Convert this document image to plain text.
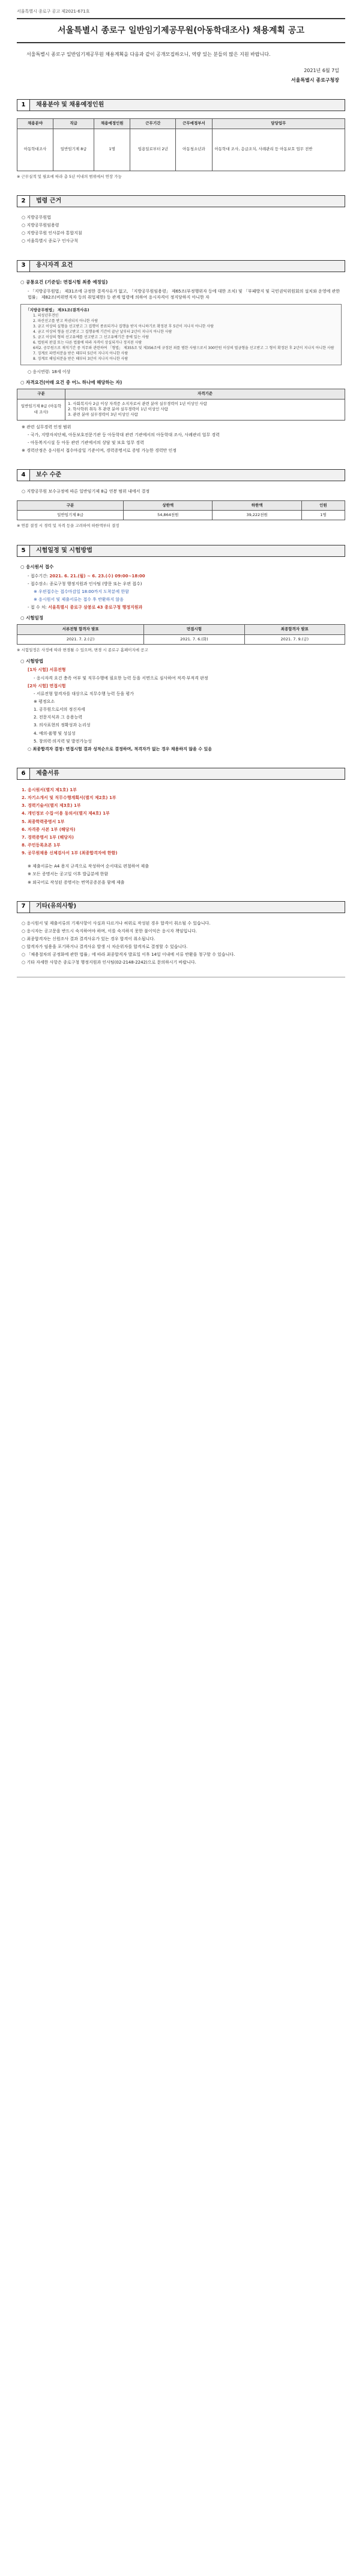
서울특별시 종로구 공고 제2021-671호
서울특별시 종로구 일반임기제공무원(아동학대조사) 채용계획 공고
서울특별시 종로구 일반임기제공무원 채용계획을 다음과 같이 공개모집하오니, 역량 있는 분들의 많은 지원 바랍니다.
2021년 6월 7일
서울특별시 종로구청장
1	채용분야 및 채용예정인원
채용분야	직급	채용예정인원	근무기간	근무예정부서	담당업무
아동학대조사	일반임기제 8급	1명	임용일로부터 2년	아동청소년과	아동학대 조사, 응급조치, 사례관리 등 아동보호 업무 전반
※ 근무실적 및 필요에 따라 총 5년 이내의 범위에서 연장 가능
2	법령 근거
○ 지방공무원법
○ 지방공무원임용령
○ 지방공무원 인사분야 통합지침
○ 서울특별시 종로구 인사규칙
3	응시자격 요건
○ 공통요건 (기준일: 면접시험 최종 예정일)
- 「지방공무원법」 제31조에 규정한 결격사유가 없고, 「지방공무원임용령」 제65조(부정행위자 등에 대한 조치) 및 「부패방지 및 국민권익위원회의 설치와 운영에 관한 법률」 제82조(비위면직자 등의 취업제한) 등 관계 법령에 의하여 응시자격이 정지당하지 아니한 자
「지방공무원법」 제31조(결격사유)
1. 피성년후견인
2. 파산선고를 받고 복권되지 아니한 사람
3. 금고 이상의 실형을 선고받고 그 집행이 종료되거나 집행을 받지 아니하기로 확정된 후 5년이 지나지 아니한 사람
4. 금고 이상의 형을 선고받고 그 집행유예 기간이 끝난 날부터 2년이 지나지 아니한 사람
5. 금고 이상의 형의 선고유예를 선고받고 그 선고유예기간 중에 있는 사람
6. 법원의 판결 또는 다른 법률에 따라 자격이 상실되거나 정지된 사람
6의2. 공무원으로 재직기간 중 직무와 관련하여 「형법」 제355조 및 제356조에 규정된 죄를 범한 사람으로서 300만원 이상의 벌금형을 선고받고 그 형이 확정된 후 2년이 지나지 아니한 사람
7. 징계로 파면처분을 받은 때부터 5년이 지나지 아니한 사람
8. 징계로 해임처분을 받은 때부터 3년이 지나지 아니한 사람
○ 응시연령: 18세 이상
○ 자격요건(아래 요건 중 어느 하나에 해당하는 자)
구분	자격기준
일반임기제 8급 (아동학대 조사)	1. 사회복지사 2급 이상 자격증 소지자로서 관련 분야 실무경력이 1년 이상인 사람
2. 학사학위 취득 후 관련 분야 실무경력이 1년 이상인 사람
3. 관련 분야 실무경력이 3년 이상인 사람
※ 관련 실무경력 인정 범위
- 국가, 지방자치단체, 아동보호전문기관 등 아동학대 관련 기관에서의 아동학대 조사, 사례관리 업무 경력
- 아동복지시설 등 아동 관련 기관에서의 상담 및 보호 업무 경력
※ 경력산정은 응시원서 접수마감일 기준이며, 경력증명서로 증빙 가능한 경력만 인정
4	보수 수준
○ 지방공무원 보수규정에 따른 일반임기제 8급 연봉 범위 내에서 결정
구분	상한액	하한액	인원
일반임기제 8급	54,864천원	39,222천원	1명
※ 연봉 결정 시 경력 및 자격 등을 고려하여 하한액부터 결정
5	시험일정 및 시험방법
○ 응시원서 접수
- 접수기간: 2021. 6. 21.(월) ~ 6. 23.(수) 09:00~18:00
- 접수장소: 종로구청 행정지원과 인사팀 (방문 또는 우편 접수)
※ 우편접수는 접수마감일 18:00까지 도착분에 한함
※ 응시원서 및 제출서류는 접수 후 반환하지 않음
- 접 수 처: 서울특별시 종로구 삼봉로 43 종로구청 행정지원과
○ 시험일정
서류전형 합격자 발표	면접시험	최종합격자 발표
2021. 7. 2.(금)	2021. 7. 6.(화)	2021. 7. 9.(금)
※ 시험일정은 사정에 따라 변경될 수 있으며, 변경 시 종로구 홈페이지에 공고
○ 시험방법
[1차 시험] 서류전형
- 응시자격 요건 충족 여부 및 직무수행에 필요한 능력 등을 서면으로 심사하여 적격·부적격 판정
[2차 시험] 면접시험
- 서류전형 합격자를 대상으로 직무수행 능력 등을 평가
※ 평정요소
1. 공무원으로서의 정신자세
2. 전문지식과 그 응용능력
3. 의사표현의 정확성과 논리성
4. 예의·품행 및 성실성
5. 창의력·의지력 및 발전가능성
○ 최종합격자 결정: 면접시험 결과 성적순으로 결정하며, 적격자가 없는 경우 채용하지 않을 수 있음
6	제출서류
1. 응시원서(별지 제1호) 1부
2. 자기소개서 및 직무수행계획서(별지 제2호) 1부
3. 경력기술서(별지 제3호) 1부
4. 개인정보 수집·이용 동의서(별지 제4호) 1부
5. 최종학력증명서 1부
6. 자격증 사본 1부 (해당자)
7. 경력증명서 1부 (해당자)
8. 주민등록초본 1부
9. 공무원채용 신체검사서 1부 (최종합격자에 한함)
※ 제출서류는 A4 용지 규격으로 작성하여 순서대로 편철하여 제출
※ 모든 증명서는 공고일 이후 발급분에 한함
※ 외국어로 작성된 증명서는 번역공증본을 함께 제출
7	기타(유의사항)
○ 응시원서 및 제출서류의 기재사항이 사실과 다르거나 허위로 작성된 경우 합격이 취소될 수 있습니다.
○ 응시자는 공고문을 반드시 숙지하여야 하며, 이를 숙지하지 못한 불이익은 응시자 책임입니다.
○ 최종합격자는 신원조사 결과 결격사유가 있는 경우 합격이 취소됩니다.
○ 합격자가 임용을 포기하거나 결격사유 발생 시 차순위자를 합격자로 결정할 수 있습니다.
○ 「채용절차의 공정화에 관한 법률」에 따라 최종합격자 발표일 이후 14일 이내에 서류 반환을 청구할 수 있습니다.
○ 기타 자세한 사항은 종로구청 행정지원과 인사팀(02-2148-2242)으로 문의하시기 바랍니다.
